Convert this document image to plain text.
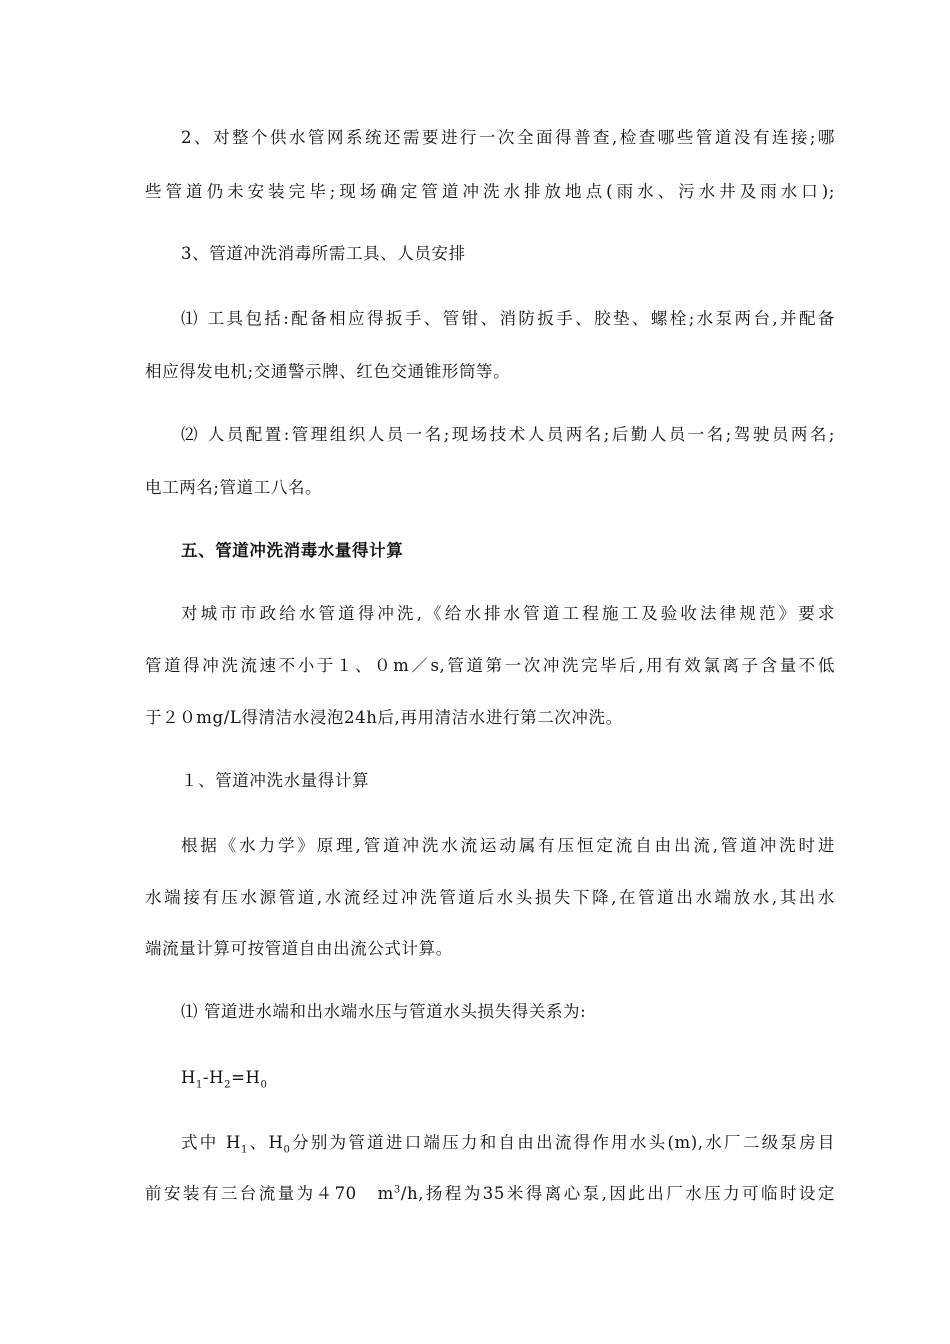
2、对整个供水管网系统还需要进行一次全面得普查,检查哪些管道没有连接;哪
些管道仍未安装完毕;现场确定管道冲洗水排放地点(雨水、污水井及雨水口);
3、管道冲洗消毒所需工具、人员安排
⑴ 工具包括:配备相应得扳手、管钳、消防扳手、胶垫、螺栓;水泵两台,并配备
相应得发电机;交通警示牌、红色交通锥形筒等。
⑵ 人员配置:管理组织人员一名;现场技术人员两名;后勤人员一名;驾驶员两名;
电工两名;管道工八名。
五、管道冲洗消毒水量得计算
对城市市政给水管道得冲洗,《给水排水管道工程施工及验收法律规范》要求
管道得冲洗流速不小于１、０m／s,管道第一次冲洗完毕后,用有效氯离子含量不低
于２０mg/L得清洁水浸泡24h后,再用清洁水进行第二次冲洗。
１、管道冲洗水量得计算
根据《水力学》原理,管道冲洗水流运动属有压恒定流自由出流,管道冲洗时进
水端接有压水源管道,水流经过冲洗管道后水头损失下降,在管道出水端放水,其出水
端流量计算可按管道自由出流公式计算。
⑴ 管道进水端和出水端水压与管道水头损失得关系为:
$H_1-H_2=H_0$
式中 $H_1$、$H_0$分别为管道进口端压力和自由出流得作用水头(m),水厂二级泵房目
前安装有三台流量为４70　$m^3/h$,扬程为35米得离心泵,因此出厂水压力可临时设定
